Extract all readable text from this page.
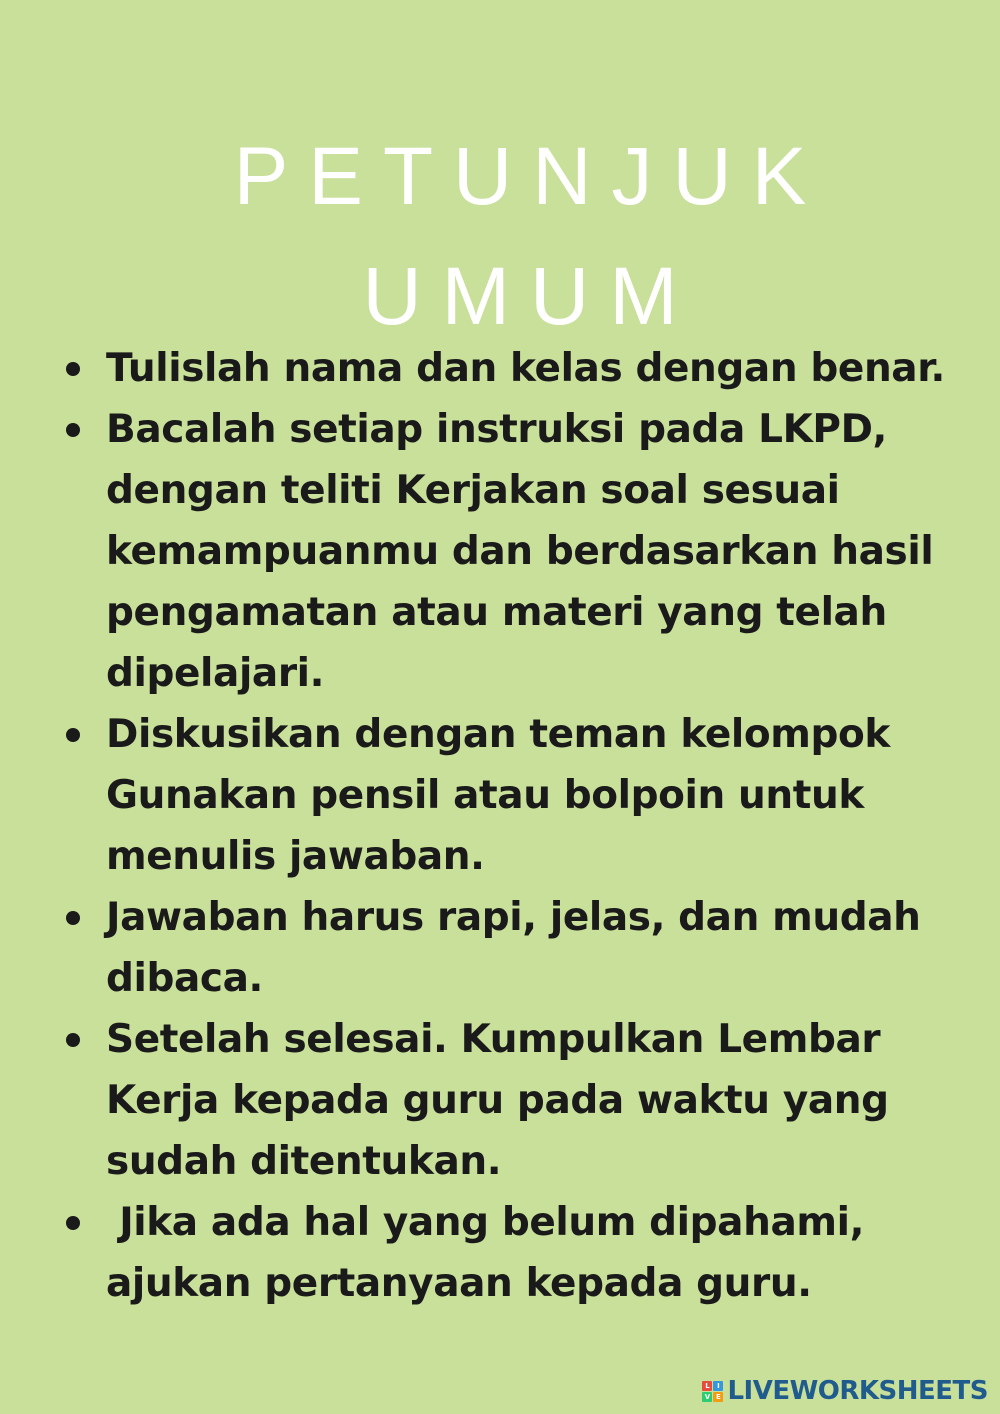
PETUNJUK
UMUM
Tulislah nama dan kelas dengan benar.
Bacalah setiap instruksi pada LKPD, dengan teliti Kerjakan soal sesuai kemampuanmu dan berdasarkan hasil pengamatan atau materi yang telah dipelajari.
Diskusikan dengan teman kelompok Gunakan pensil atau bolpoin untuk menulis jawaban.
Jawaban harus rapi, jelas, dan mudah dibaca.
Setelah selesai. Kumpulkan Lembar Kerja kepada guru pada waktu yang sudah ditentukan.
Jika ada hal yang belum dipahami, ajukan pertanyaan kepada guru.
L	I
V E LIVEWORKSHEETS
